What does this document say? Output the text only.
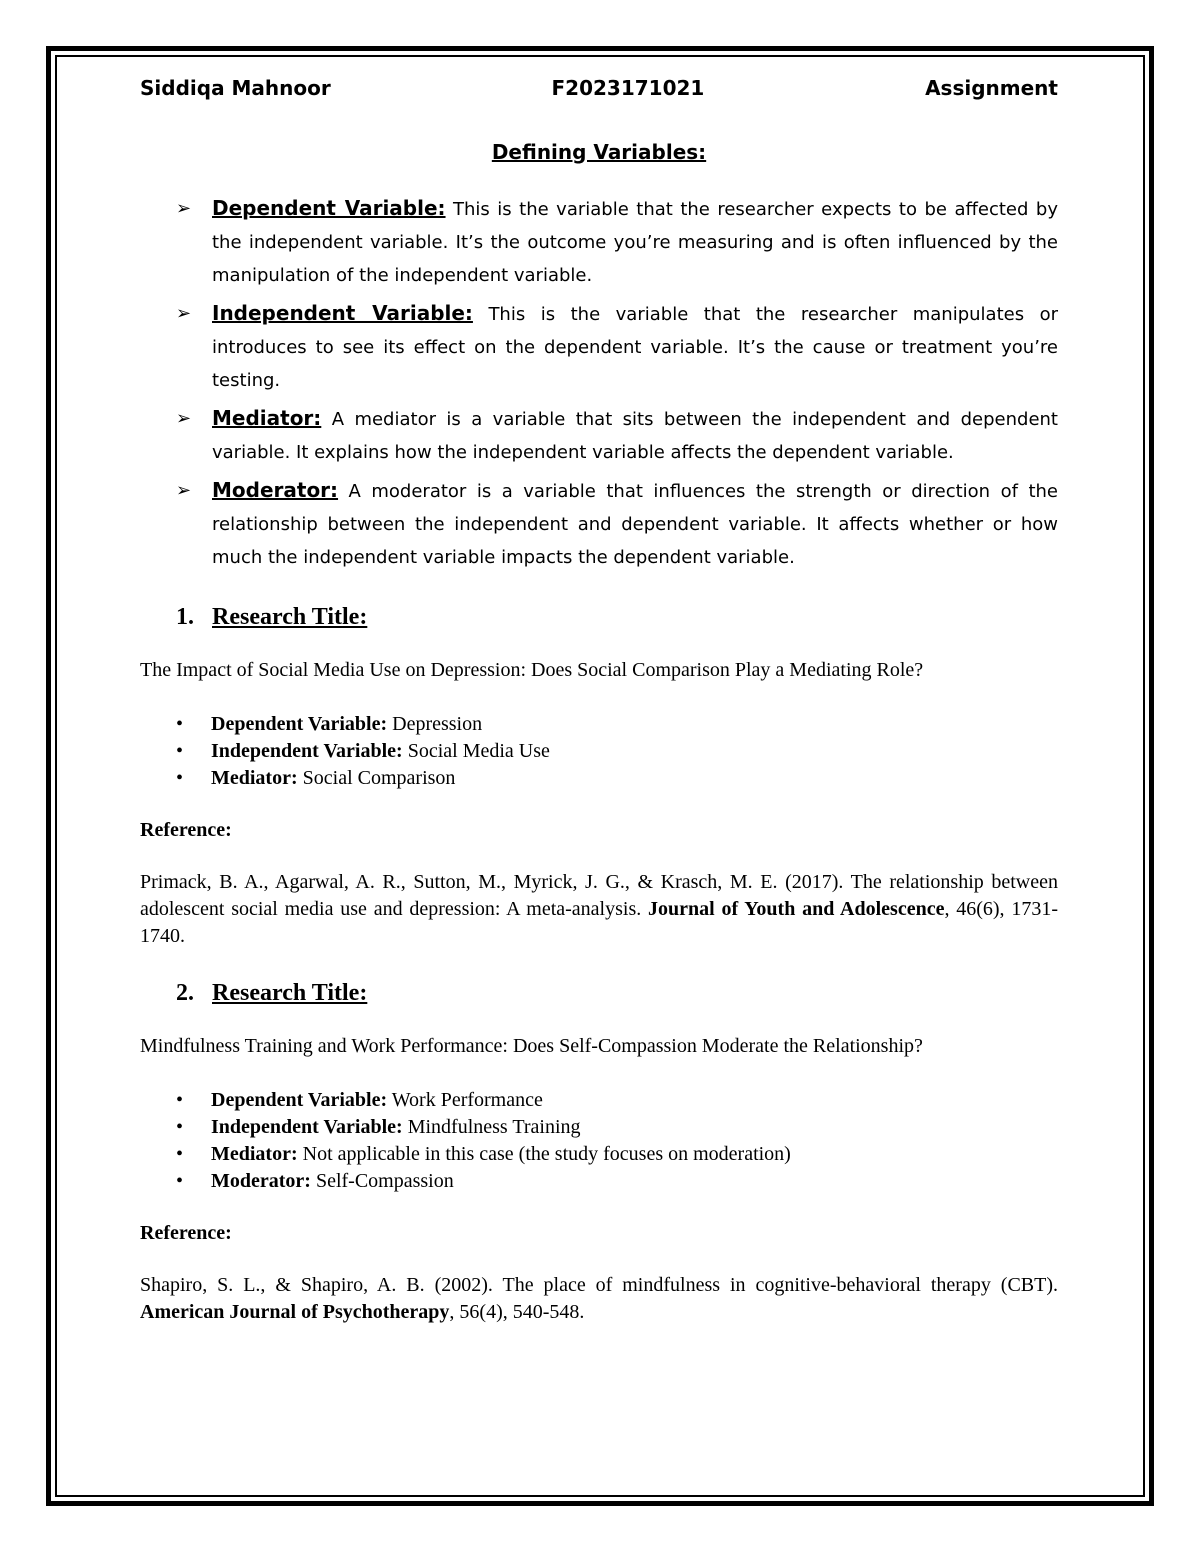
Siddiqa Mahnoor	F2023171021	Assignment
Defining Variables:
➢ Dependent Variable: This is the variable that the researcher expects to be affected by the independent variable. It’s the outcome you’re measuring and is often influenced by the manipulation of the independent variable.
➢ Independent Variable: This is the variable that the researcher manipulates or introduces to see its effect on the dependent variable. It’s the cause or treatment you’re testing.
➢ Mediator: A mediator is a variable that sits between the independent and dependent variable. It explains how the independent variable affects the dependent variable.
➢ Moderator: A moderator is a variable that influences the strength or direction of the relationship between the independent and dependent variable. It affects whether or how much the independent variable impacts the dependent variable.
1. Research Title:

The Impact of Social Media Use on Depression: Does Social Comparison Play a Mediating Role?

• Dependent Variable: Depression
• Independent Variable: Social Media Use
• Mediator: Social Comparison
Reference:

Primack, B. A., Agarwal, A. R., Sutton, M., Myrick, J. G., & Krasch, M. E. (2017). The relationship between adolescent social media use and depression: A meta-analysis. Journal of Youth and Adolescence, 46(6), 1731-1740.

2. Research Title:

Mindfulness Training and Work Performance: Does Self-Compassion Moderate the Relationship?

• Dependent Variable: Work Performance
• Independent Variable: Mindfulness Training
• Mediator: Not applicable in this case (the study focuses on moderation)
• Moderator: Self-Compassion
Reference:

Shapiro, S. L., & Shapiro, A. B. (2002). The place of mindfulness in cognitive-behavioral therapy (CBT). American Journal of Psychotherapy, 56(4), 540-548.
